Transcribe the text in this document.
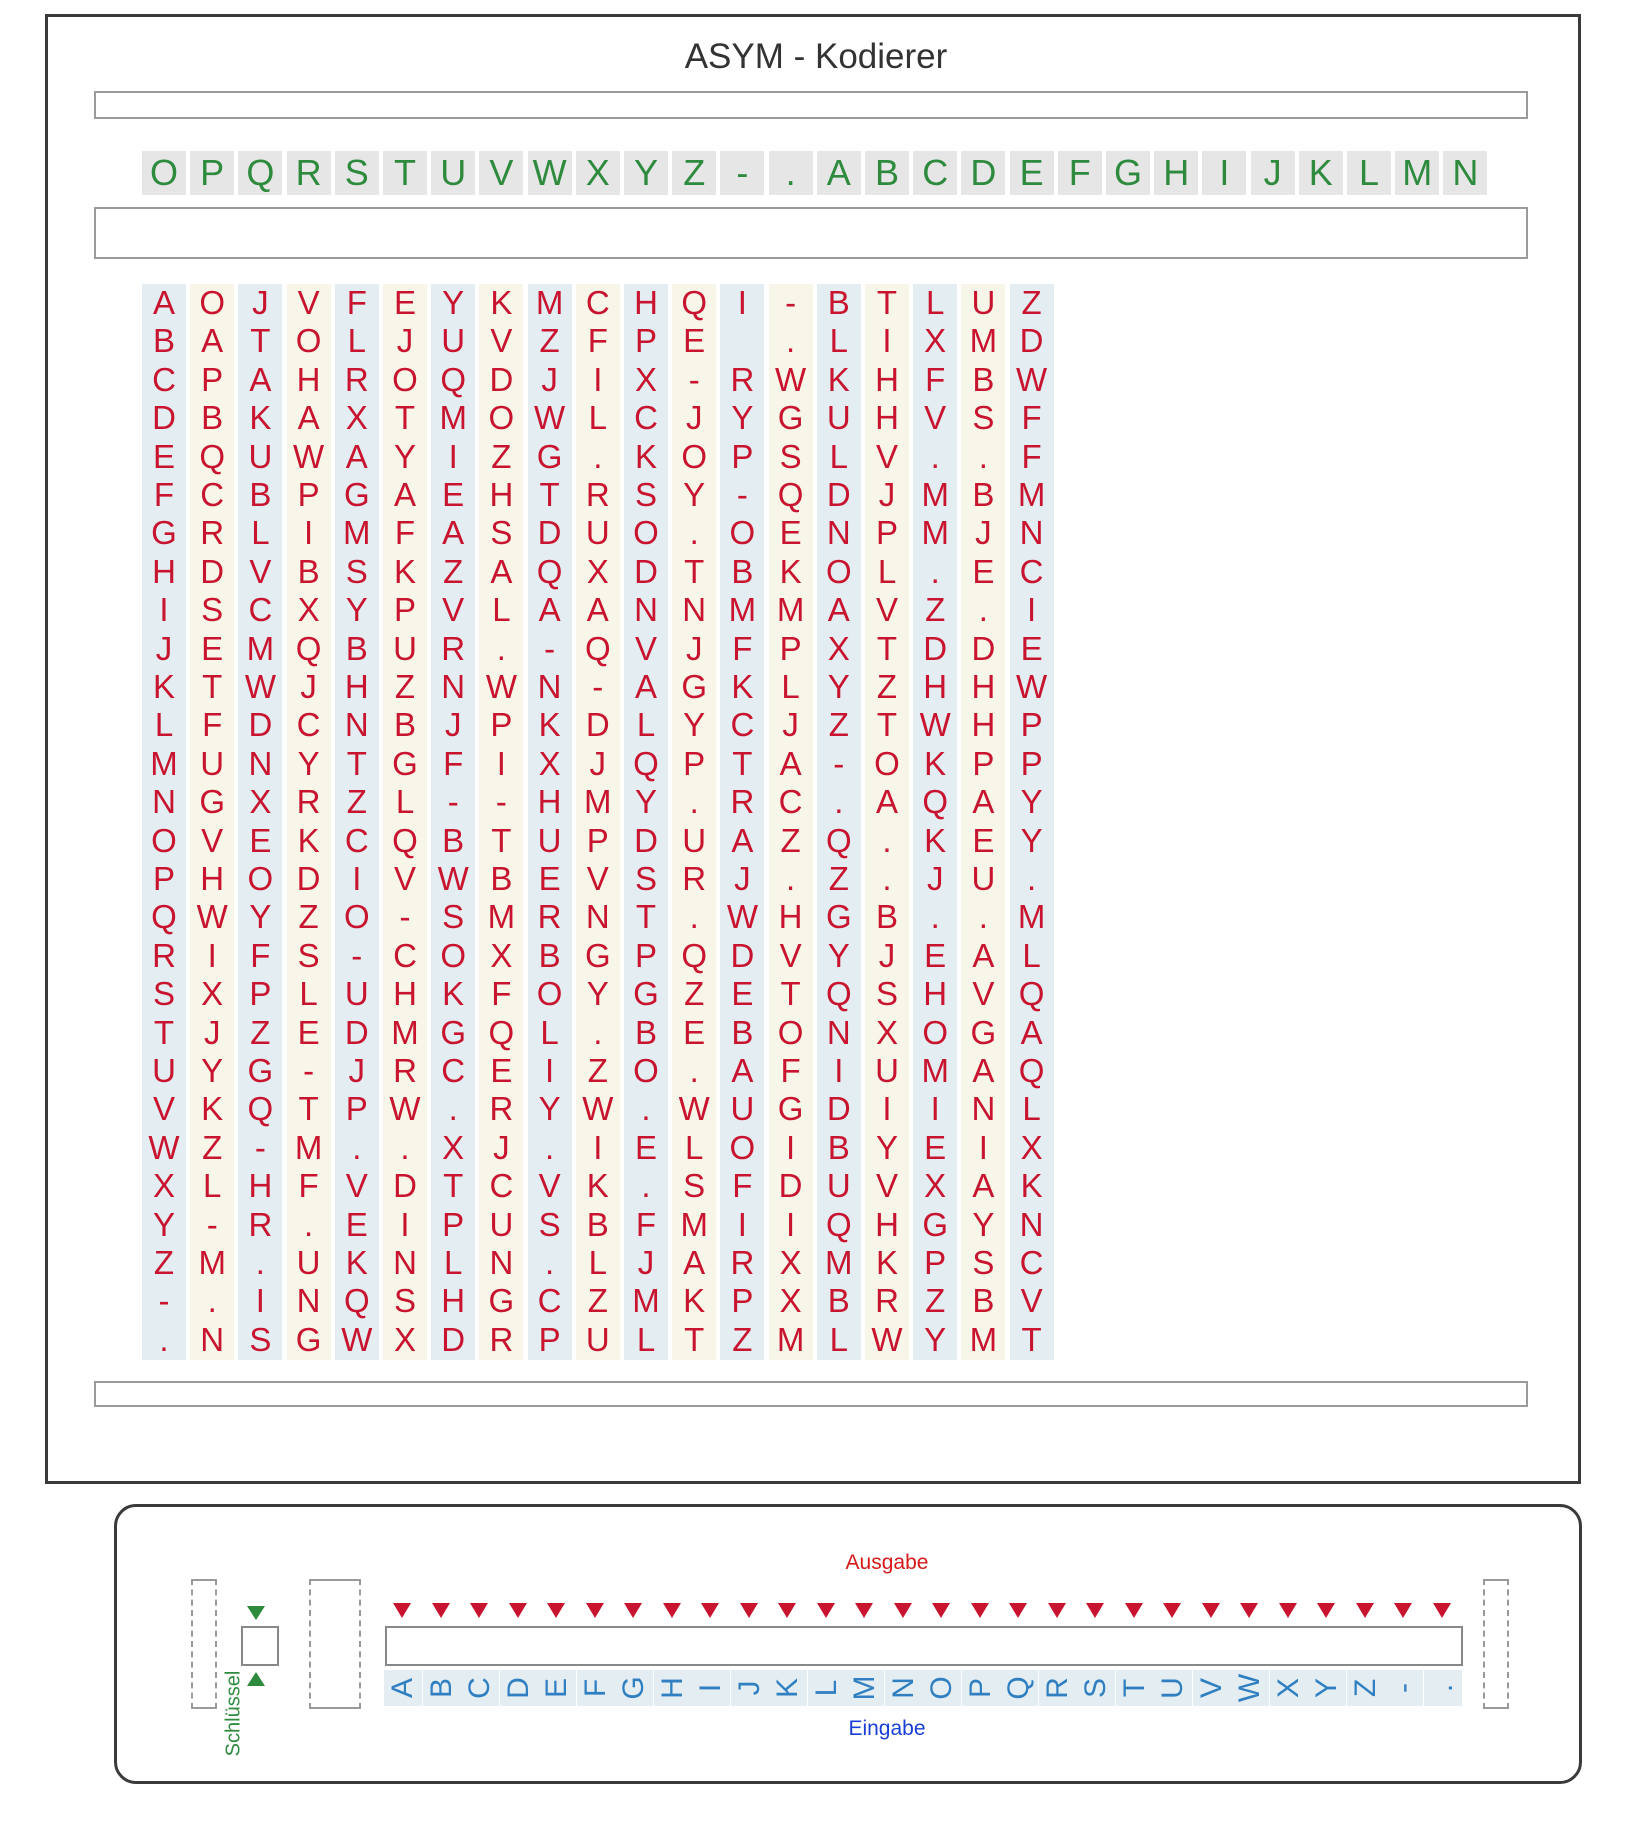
ASYM - Kodierer
O P Q R S T U V W X Y Z -	. A B C D E F G H I J K L M N
A
B
C
D
E
F
G
H
I
J
K
L
M
N
O
P
Q
R
S
T
U
V
W
X
Y
Z
-
.
O
A
P
B
Q
C
R
D
S
E
T
F
U
G
V
H
W
I
X
J
Y
K
Z
L
-
M
.
N
J
T
A
K
U
B
L
V
C
M
W
D
N
X
E
O
Y
F
P
Z
G
Q
-
H
R
.
I
S
V
O
H
A
W
P
I
B
X
Q
J
C
Y
R
K
D
Z
S
L
E
-
T
M
F
.
U
N
G
F
L
R
X
A
G
M
S
Y
B
H
N
T
Z
C
I
O
-
U
D
J
P
.
V
E
K
Q
W
E
J
O
T
Y
A
F
K
P
U
Z
B
G
L
Q
V
-
C
H
M
R
W
.
D
I
N
S
X
Y
U
Q
M
I
E
A
Z
V
R
N
J
F
-
B
W
S
O
K
G
C
.
X
T
P
L
H
D
K
V
D
O
Z
H
S
A
L
.
W
P
I
-
T
B
M
X
F
Q
E
R
J
C
U
N
G
R
M
Z
J
W
G
T
D
Q
A
-
N
K
X
H
U
E
R
B
O
L
I
Y
.
V
S
.
C
P
C
F
I
L
.
R
U
X
A
Q
-
D
J
M
P
V
N
G
Y
.
Z
W
I
K
B
L
Z
U
H
P
X
C
K
S
O
D
N
V
A
L
Q
Y
D
S
T
P
G
B
O
.
E
.
F
J
M
L
Q
E
-
J
O
Y
.
T
N
J
G
Y
P
.
U
R
.
Q
Z
E
.
W
L
S
M
A
K
T
I
R
Y
P
-
O
B
M
F
K
C
T
R
A
J
W
D
E
B
A
U
O
F
I
R
P
Z
-
.
W
G
S
Q
E
K
M
P
L
J
A
C
Z
.
H
V
T
O
F
G
I
D
I
X
X
M
B
L
K
U
L
D
N
O
A
X
Y
Z
-
.
Q
Z
G
Y
Q
N
I
D
B
U
Q
M
B
L
T
I
H
H
V
J
P
L
V
T
Z
T
O
A
.
.
B
J
S
X
U
I
Y
V
H
K
R
W
L
X
F
V
.
M
M
.
Z
D
H
W
K
Q
K
J
.
E
H
O
M
I
E
X
G
P
Z
Y
U
M
B
S
.
B
J
E
.
D
H
H
P
A
E
U
.
A
V
G
A
N
I
A
Y
S
B
M
Z
D
W
F
F
M
N
C
I
E
W
P
P
Y
Y
.
M
L
Q
A
Q
L
X
K
N
C
V
T
Ausgabe
A B C D E F G H I J K L M N O P Q R S T U V W X Y Z - .
Eingabe
Schlüssel
